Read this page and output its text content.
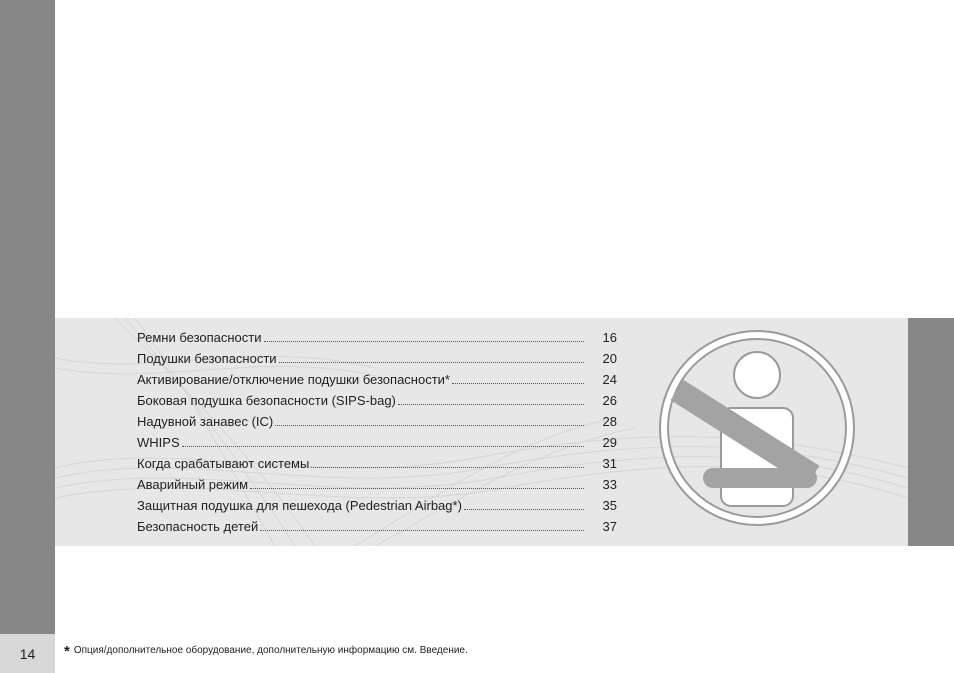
14
Ремни безопасности	16
Подушки безопасности	20
Активирование/отключение подушки безопасности*	24
Боковая подушка безопасности (SIPS-bag)	26
Надувной занавес (IC)	28
WHIPS	29
Когда срабатывают системы	31
Аварийный режим	33
Защитная подушка для пешехода (Pedestrian Airbag*)	35
Безопасность детей	37
* Опция/дополнительное оборудование, дополнительную информацию см. Введение.
